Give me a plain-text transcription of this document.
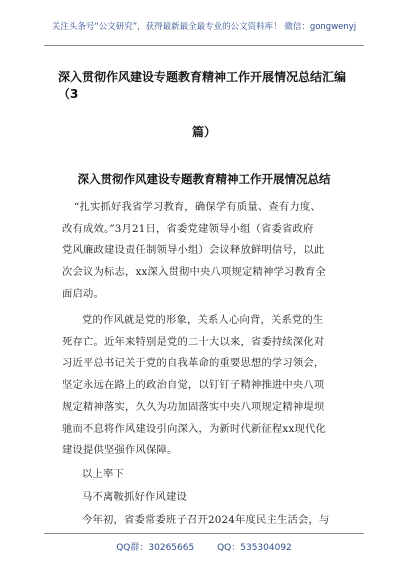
关注头条号“公文研究”，获得最新最全最专业的公文资料库！ 微信：gongwenyj
深入贯彻作风建设专题教育精神工作开展情况总结汇编（3
篇）
深入贯彻作风建设专题教育精神工作开展情况总结
“扎实抓好我省学习教育，确保学有质量、查有力度、
改有成效。”3月21日，省委党建领导小组（省委省政府
党风廉政建设责任制领导小组）会议释放鲜明信号，以此
次会议为标志，xx深入贯彻中央八项规定精神学习教育全
面启动。
党的作风就是党的形象，关系人心向背，关系党的生
死存亡。近年来特别是党的二十大以来，省委持续深化对
习近平总书记关于党的自我革命的重要思想的学习领会，
坚定永远在路上的政治自觉，以钉钉子精神推进中央八项
规定精神落实，久久为功加固落实中央八项规定精神堤坝
驰而不息将作风建设引向深入，为新时代新征程xx现代化
建设提供坚强作风保障。
以上率下
马不离鞍抓好作风建设
今年初，省委常委班子召开2024年度民主生活会，与
QQ群：30265665	QQ：535304092
